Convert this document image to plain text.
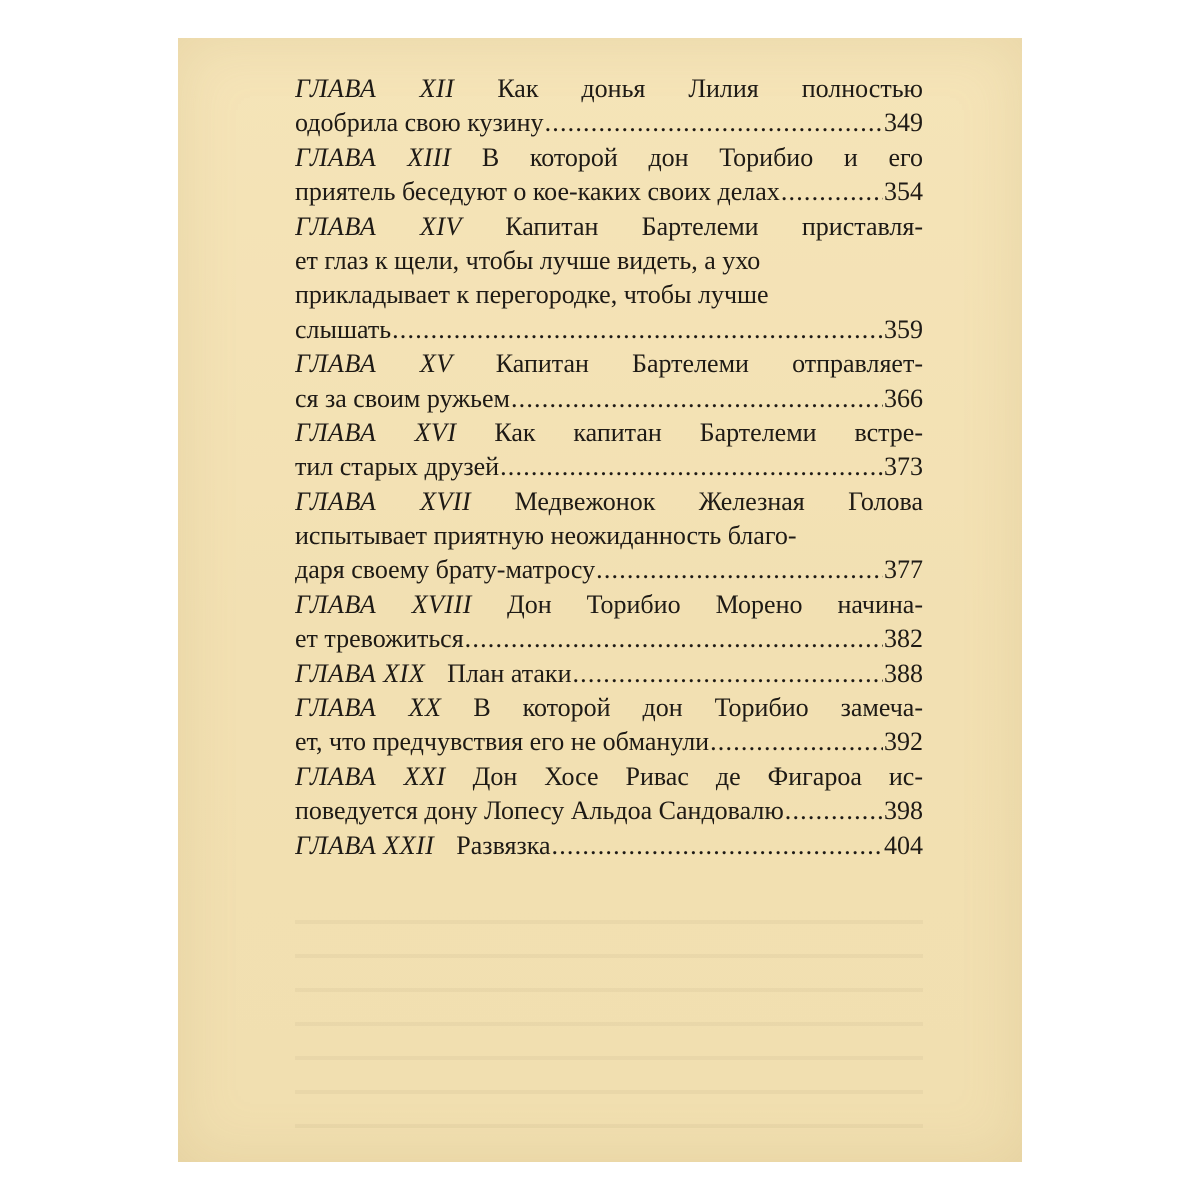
ГЛАВА XII Как донья Лилия полностью
одобрила свою кузину .....	349
ГЛАВА XIII В которой дон Торибио и его
приятель беседуют о кое-каких своих делах .....	354
ГЛАВА XIV Капитан Бартелеми приставля-
ет глаз к щели, чтобы лучше видеть, а ухо
прикладывает к перегородке, чтобы лучше
слышать .....	359
ГЛАВА XV Капитан Бартелеми отправляет-
ся за своим ружьем .....	366
ГЛАВА XVI Как капитан Бартелеми встре-
тил старых друзей .....	373
ГЛАВА XVII Медвежонок Железная Голова
испытывает приятную неожиданность благо-
даря своему брату-матросу .....	377
ГЛАВА XVIII Дон Торибио Морено начина-
ет тревожиться .....	382
ГЛАВА XIX План атаки .....	388
ГЛАВА XX В которой дон Торибио замеча-
ет, что предчувствия его не обманули .....	392
ГЛАВА XXI Дон Хосе Ривас де Фигароа ис-
поведуется дону Лопесу Альдоа Сандовалю .....	398
ГЛАВА XXII Развязка .....	404
